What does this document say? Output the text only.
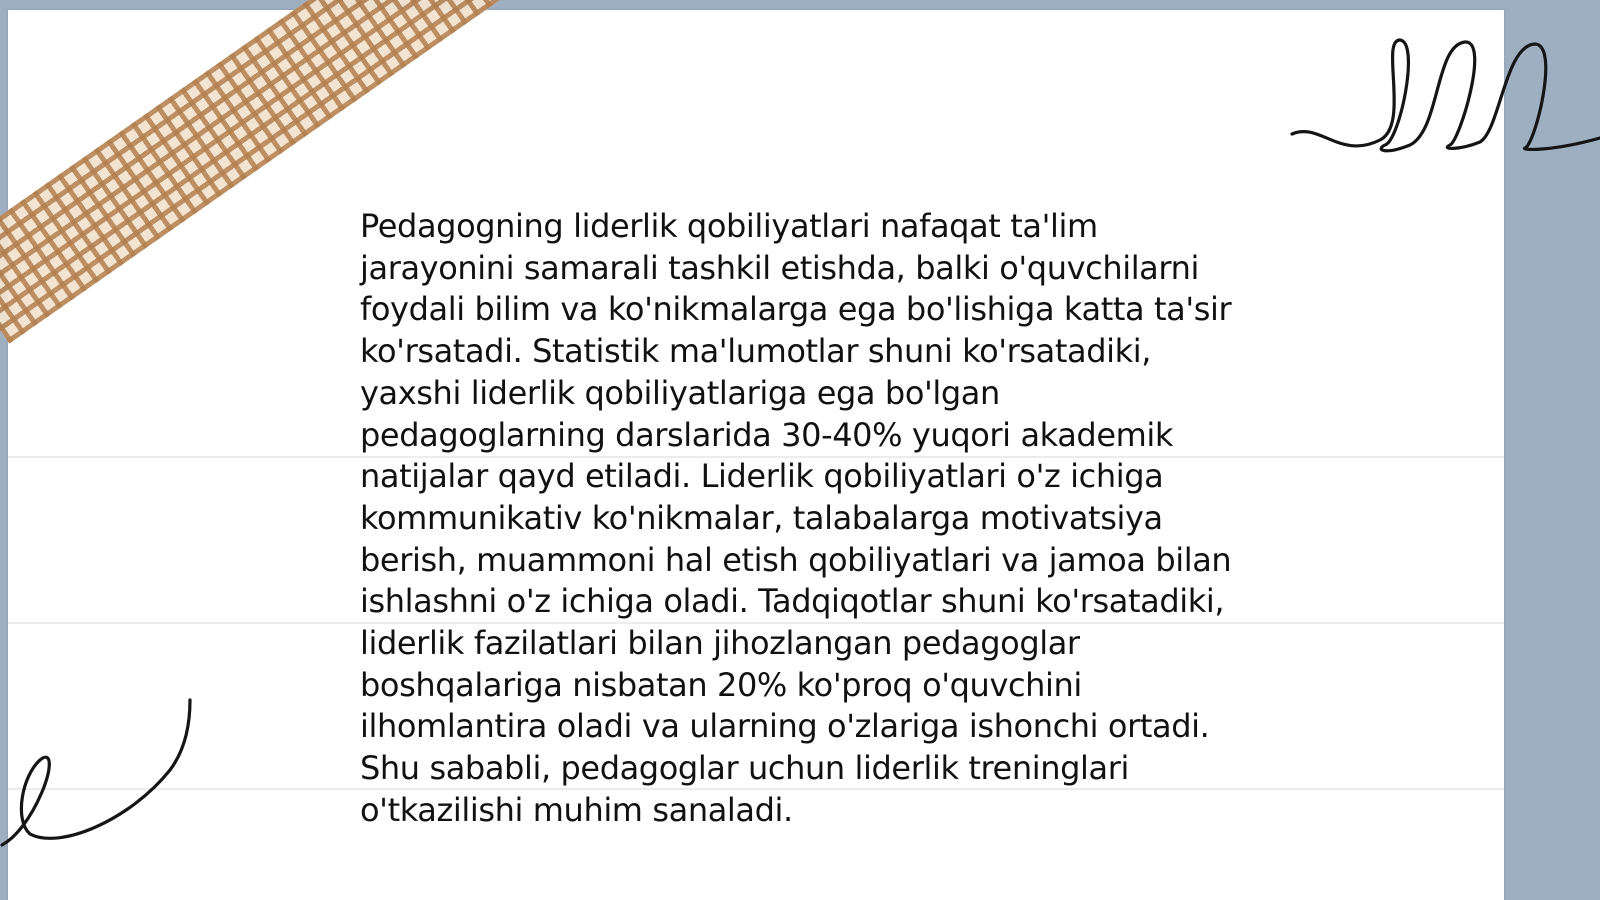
Pedagogning liderlik qobiliyatlari nafaqat ta'lim jarayonini samarali tashkil etishda, balki o'quvchilarni foydali bilim va ko'nikmalarga ega bo'lishiga katta ta'sir ko'rsatadi. Statistik ma'lumotlar shuni ko'rsatadiki, yaxshi liderlik qobiliyatlariga ega bo'lgan pedagoglarning darslarida 30-40% yuqori akademik natijalar qayd etiladi. Liderlik qobiliyatlari o'z ichiga kommunikativ ko'nikmalar, talabalarga motivatsiya berish, muammoni hal etish qobiliyatlari va jamoa bilan ishlashni o'z ichiga oladi. Tadqiqotlar shuni ko'rsatadiki, liderlik fazilatlari bilan jihozlangan pedagoglar boshqalariga nisbatan 20% ko'proq o'quvchini ilhomlantira oladi va ularning o'zlariga ishonchi ortadi. Shu sababli, pedagoglar uchun liderlik treninglari o'tkazilishi muhim sanaladi.
